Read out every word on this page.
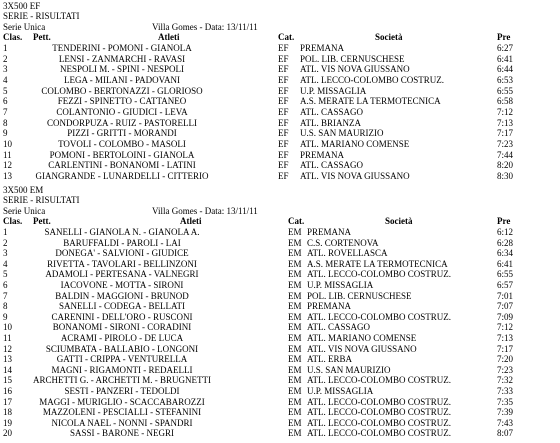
3X500 EF
SERIE - RISULTATI
Serie Unica	Villa Gomes - Data: 13/11/11
Clas. Pett.	Atleti	Cat.	Società	Pre
1	TENDERINI - POMONI - GIANOLA	EF PREMANA	6:27
2	LENSI - ZANMARCHI - RAVASI	EF POL. LIB. CERNUSCHESE	6:41
3	NESPOLI M. - SPINI - NESPOLI	EF ATL. VIS NOVA GIUSSANO	6:44
4	LEGA - MILANI - PADOVANI	EF ATL. LECCO-COLOMBO COSTRUZ.	6:53
5	COLOMBO - BERTONAZZI - GLORIOSO	EF U.P. MISSAGLIA	6:55
6	FEZZI - SPINETTO - CATTANEO	EF A.S. MERATE LA TERMOTECNICA	6:58
7	COLANTONIO - GIUDICI - LEVA	EF ATL. CASSAGO	7:12
8	CONDORPUZA - RUIZ - PASTORELLI	EF ATL. BRIANZA	7:13
9	PIZZI - GRITTI - MORANDI	EF U.S. SAN MAURIZIO	7:17
10	TOVOLI - COLOMBO - MASOLI	EF ATL. MARIANO COMENSE	7:23
11	POMONI - BERTOLOINI - GIANOLA	EF PREMANA	7:44
12	CARLENTINI - BONANOMI - LATINI	EF ATL. CASSAGO	8:20
13	GIANGRANDE - LUNARDELLI - CITTERIO	EF ATL. VIS NOVA GIUSSANO	8:30
3X500 EM
SERIE - RISULTATI
Serie Unica	Villa Gomes - Data: 13/11/11
Clas. Pett.	Atleti	Cat.	Società	Pre
1	SANELLI - GIANOLA N. - GIANOLA A.	EM PREMANA	6:12
2	BARUFFALDI - PAROLI - LAI	EM C.S. CORTENOVA	6:28
3	DONEGA' - SALVIONI - GIUDICE	EM ATL. ROVELLASCA	6:34
4	RIVETTA - TAVOLARI - BELLINZONI	EM A.S. MERATE LA TERMOTECNICA	6:41
5	ADAMOLI - PERTESANA - VALNEGRI	EM ATL. LECCO-COLOMBO COSTRUZ.	6:55
6	IACOVONE - MOTTA - SIRONI	EM U.P. MISSAGLIA	6:57
7	BALDIN - MAGGIONI - BRUNOD	EM POL. LIB. CERNUSCHESE	7:01
8	SANELLI - CODEGA - BELLATI	EM PREMANA	7:07
9	CARENINI - DELL'ORO - RUSCONI	EM ATL. LECCO-COLOMBO COSTRUZ.	7:09
10	BONANOMI - SIRONI - CORADINI	EM ATL. CASSAGO	7:12
11	ACRAMI - PIROLO - DE LUCA	EM ATL. MARIANO COMENSE	7:13
12	SCIUMBATA - BALLABIO - LONGONI	EM ATL. VIS NOVA GIUSSANO	7:17
13	GATTI - CRIPPA - VENTURELLA	EM ATL. ERBA	7:20
14	MAGNI - RIGAMONTI - REDAELLI	EM U.S. SAN MAURIZIO	7:23
15 ARCHETTI G. - ARCHETTI M. - BRUGNETTI	EM ATL. LECCO-COLOMBO COSTRUZ.	7:32
16	SESTI - PANZERI - TEDOLDI	EM U.P. MISSAGLIA	7:33
17	MAGGI - MURIGLIO - SCACCABAROZZI	EM ATL. LECCO-COLOMBO COSTRUZ.	7:35
18	MAZZOLENI - PESCIALLI - STEFANINI	EM ATL. LECCO-COLOMBO COSTRUZ.	7:39
19	NICOLA NAEL - NONNI - SPANDRI	EM ATL. LECCO-COLOMBO COSTRUZ.	7:43
20	SASSI - BARONE - NEGRI	EM ATL. LECCO-COLOMBO COSTRUZ.	8:07
